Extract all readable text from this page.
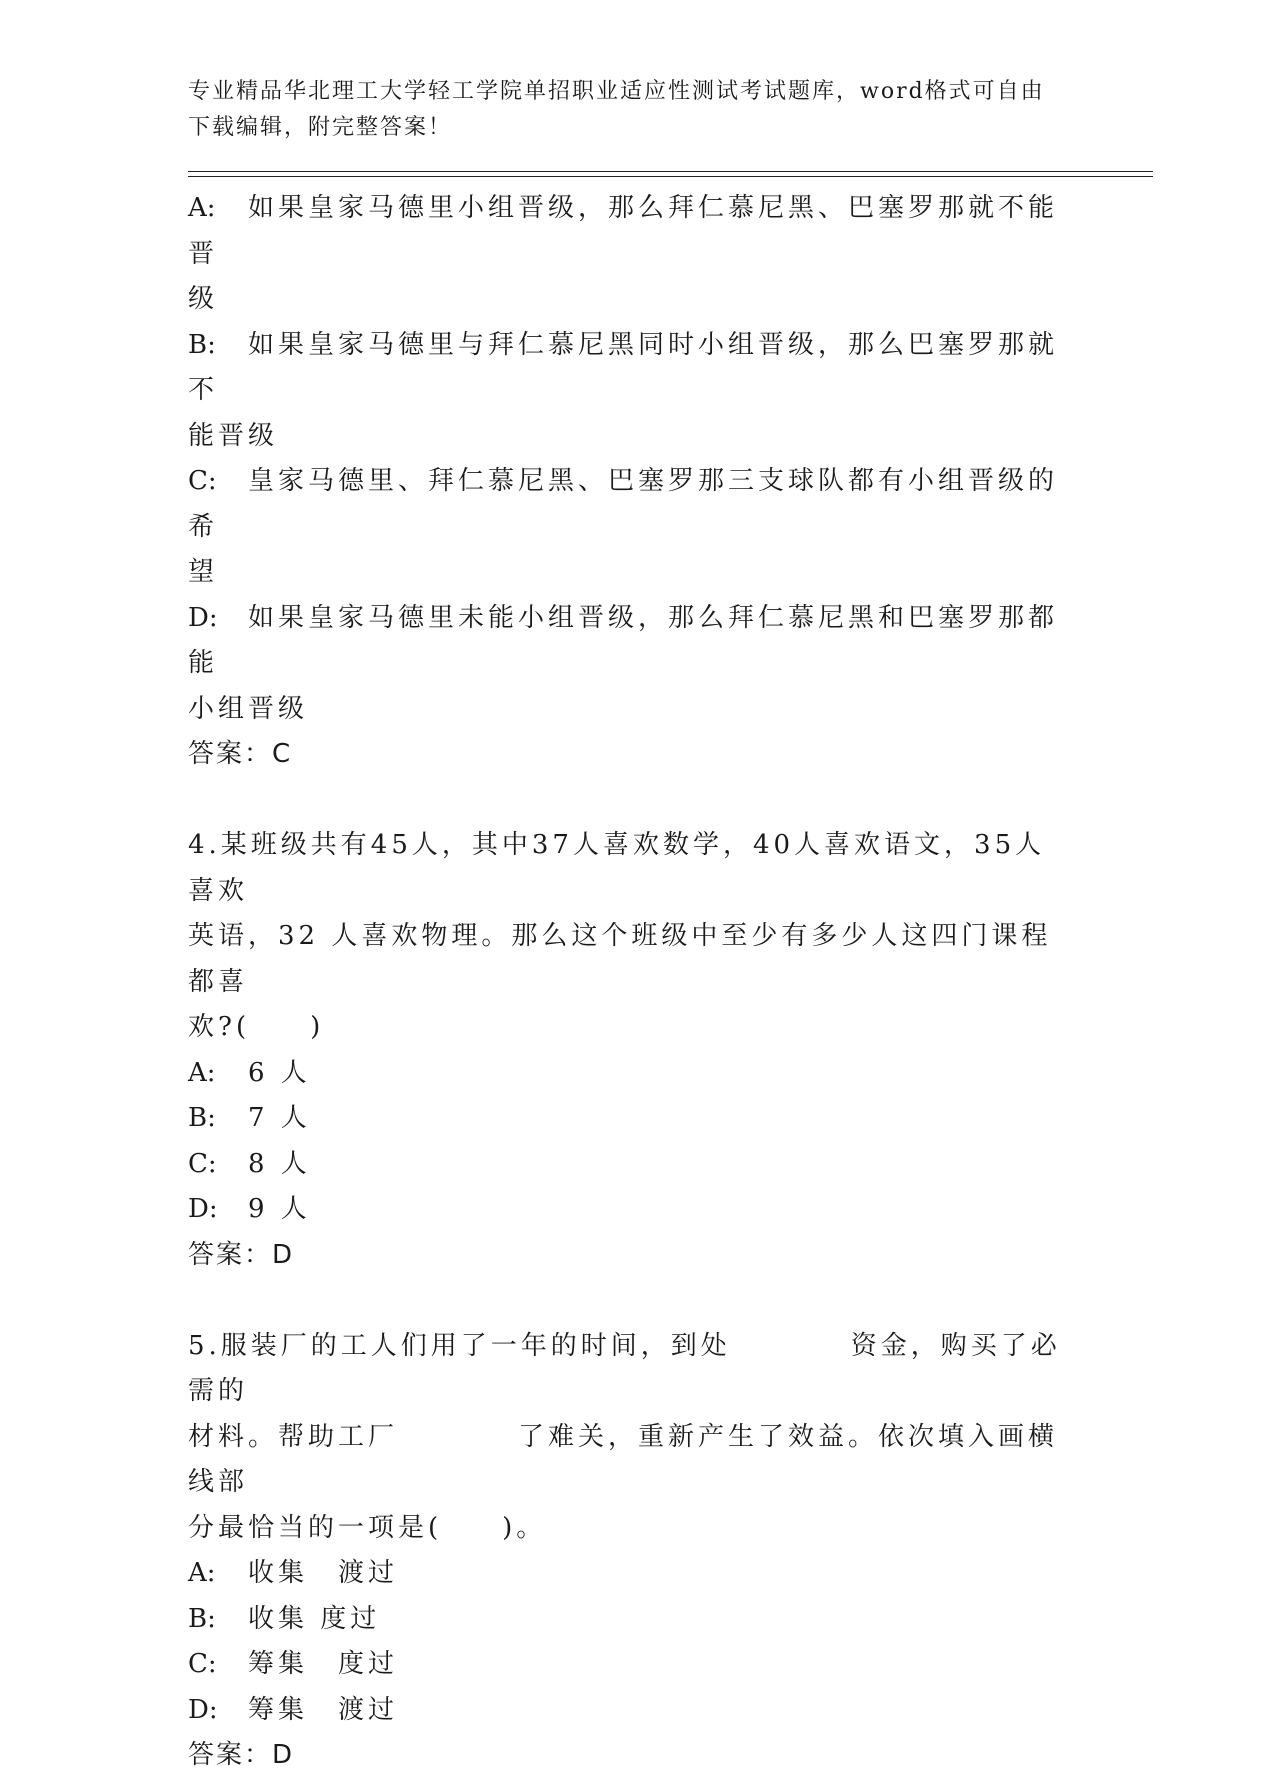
专业精品华北理工大学轻工学院单招职业适应性测试考试题库，word格式可自由
下载编辑，附完整答案！
A: 如果皇家马德里小组晋级，那么拜仁慕尼黑、巴塞罗那就不能晋
级
B: 如果皇家马德里与拜仁慕尼黑同时小组晋级，那么巴塞罗那就不
能晋级
C: 皇家马德里、拜仁慕尼黑、巴塞罗那三支球队都有小组晋级的希
望
D: 如果皇家马德里未能小组晋级，那么拜仁慕尼黑和巴塞罗那都能
小组晋级
答案：C
4.某班级共有45人，其中37人喜欢数学，40人喜欢语文，35人喜欢
英语，32 人喜欢物理。那么这个班级中至少有多少人这四门课程都喜
欢?(　　)
A: 6 人
B: 7 人
C: 8 人
D: 9 人
答案：D
5.服装厂的工人们用了一年的时间，到处　　　　资金，购买了必需的
材料。帮助工厂　　　　了难关，重新产生了效益。依次填入画横线部
分最恰当的一项是(　　)。
A: 收集　渡过
B: 收集 度过
C: 筹集　度过
D: 筹集　渡过
答案：D
